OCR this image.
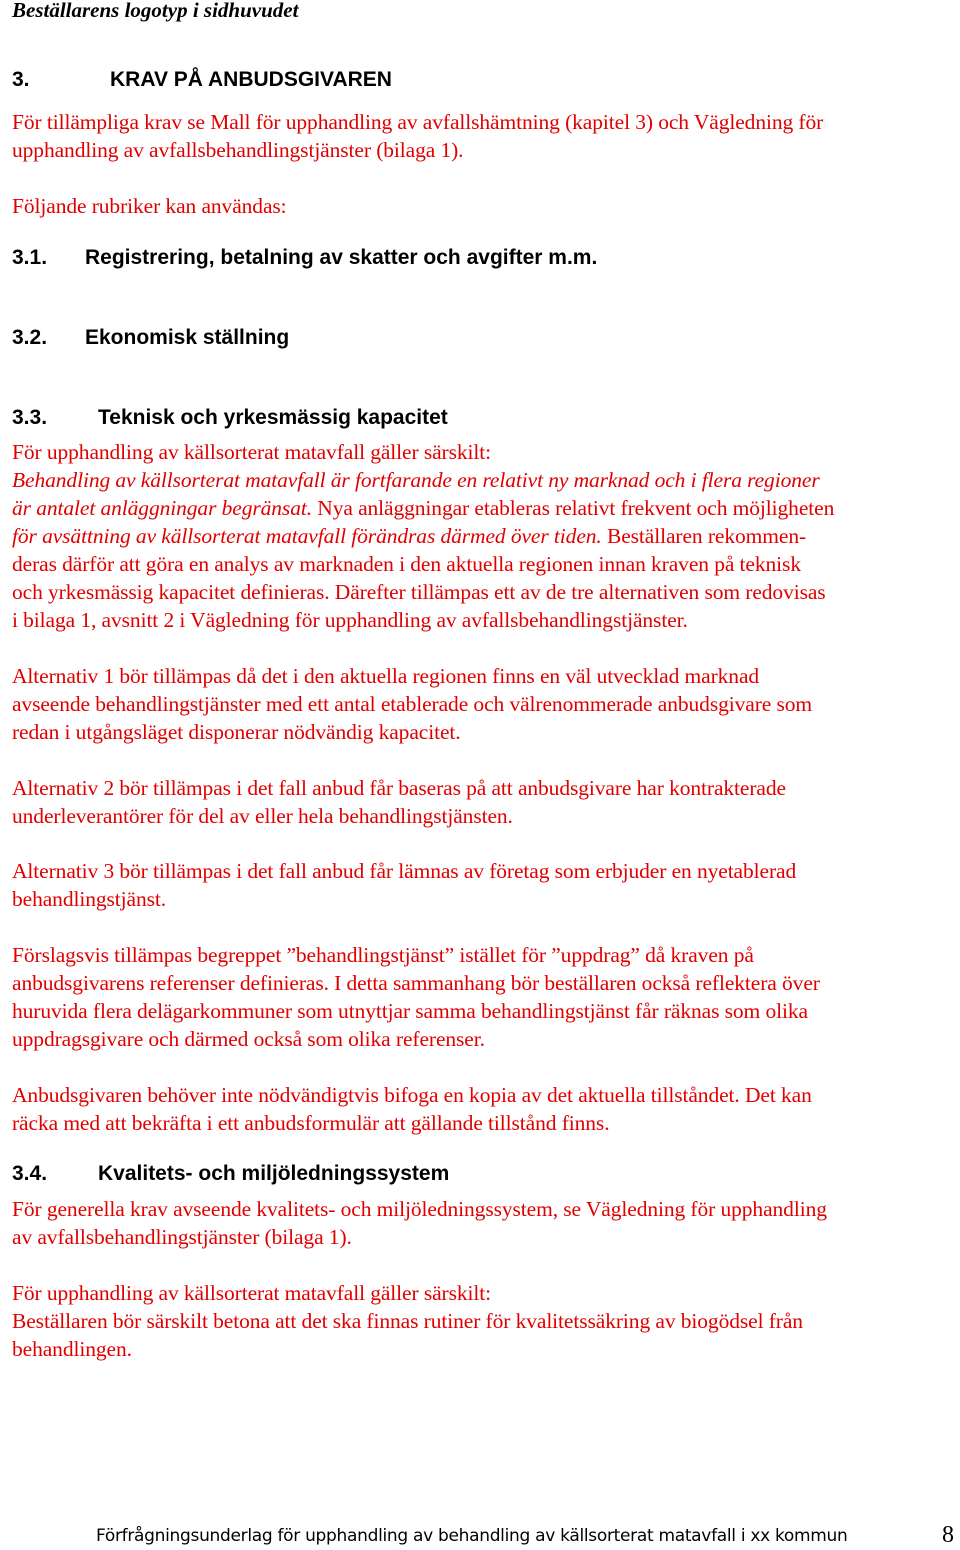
Beställarens logotyp i sidhuvudet
3.	KRAV PÅ ANBUDSGIVAREN
För tillämpliga krav se Mall för upphandling av avfallshämtning (kapitel 3) och Vägledning för
upphandling av avfallsbehandlingstjänster (bilaga 1).
Följande rubriker kan användas:
3.1. Registrering, betalning av skatter och avgifter m.m.
3.2. Ekonomisk ställning
3.3. Teknisk och yrkesmässig kapacitet
För upphandling av källsorterat matavfall gäller särskilt:
Behandling av källsorterat matavfall är fortfarande en relativt ny marknad och i flera regioner
är antalet anläggningar begränsat. Nya anläggningar etableras relativt frekvent och möjligheten
för avsättning av källsorterat matavfall förändras därmed över tiden. Beställaren rekommen-
deras därför att göra en analys av marknaden i den aktuella regionen innan kraven på teknisk
och yrkesmässig kapacitet definieras. Därefter tillämpas ett av de tre alternativen som redovisas
i bilaga 1, avsnitt 2 i Vägledning för upphandling av avfallsbehandlingstjänster.
Alternativ 1 bör tillämpas då det i den aktuella regionen finns en väl utvecklad marknad
avseende behandlingstjänster med ett antal etablerade och välrenommerade anbudsgivare som
redan i utgångsläget disponerar nödvändig kapacitet.
Alternativ 2 bör tillämpas i det fall anbud får baseras på att anbudsgivare har kontrakterade
underleverantörer för del av eller hela behandlingstjänsten.
Alternativ 3 bör tillämpas i det fall anbud får lämnas av företag som erbjuder en nyetablerad
behandlingstjänst.
Förslagsvis tillämpas begreppet ”behandlingstjänst” istället för ”uppdrag” då kraven på
anbudsgivarens referenser definieras. I detta sammanhang bör beställaren också reflektera över
huruvida flera delägarkommuner som utnyttjar samma behandlingstjänst får räknas som olika
uppdragsgivare och därmed också som olika referenser.
Anbudsgivaren behöver inte nödvändigtvis bifoga en kopia av det aktuella tillståndet. Det kan
räcka med att bekräfta i ett anbudsformulär att gällande tillstånd finns.
3.4. Kvalitets- och miljöledningssystem
För generella krav avseende kvalitets- och miljöledningssystem, se Vägledning för upphandling
av avfallsbehandlingstjänster (bilaga 1).
För upphandling av källsorterat matavfall gäller särskilt:
Beställaren bör särskilt betona att det ska finnas rutiner för kvalitetssäkring av biogödsel från
behandlingen.
Förfrågningsunderlag för upphandling av behandling av källsorterat matavfall i xx kommun	8
